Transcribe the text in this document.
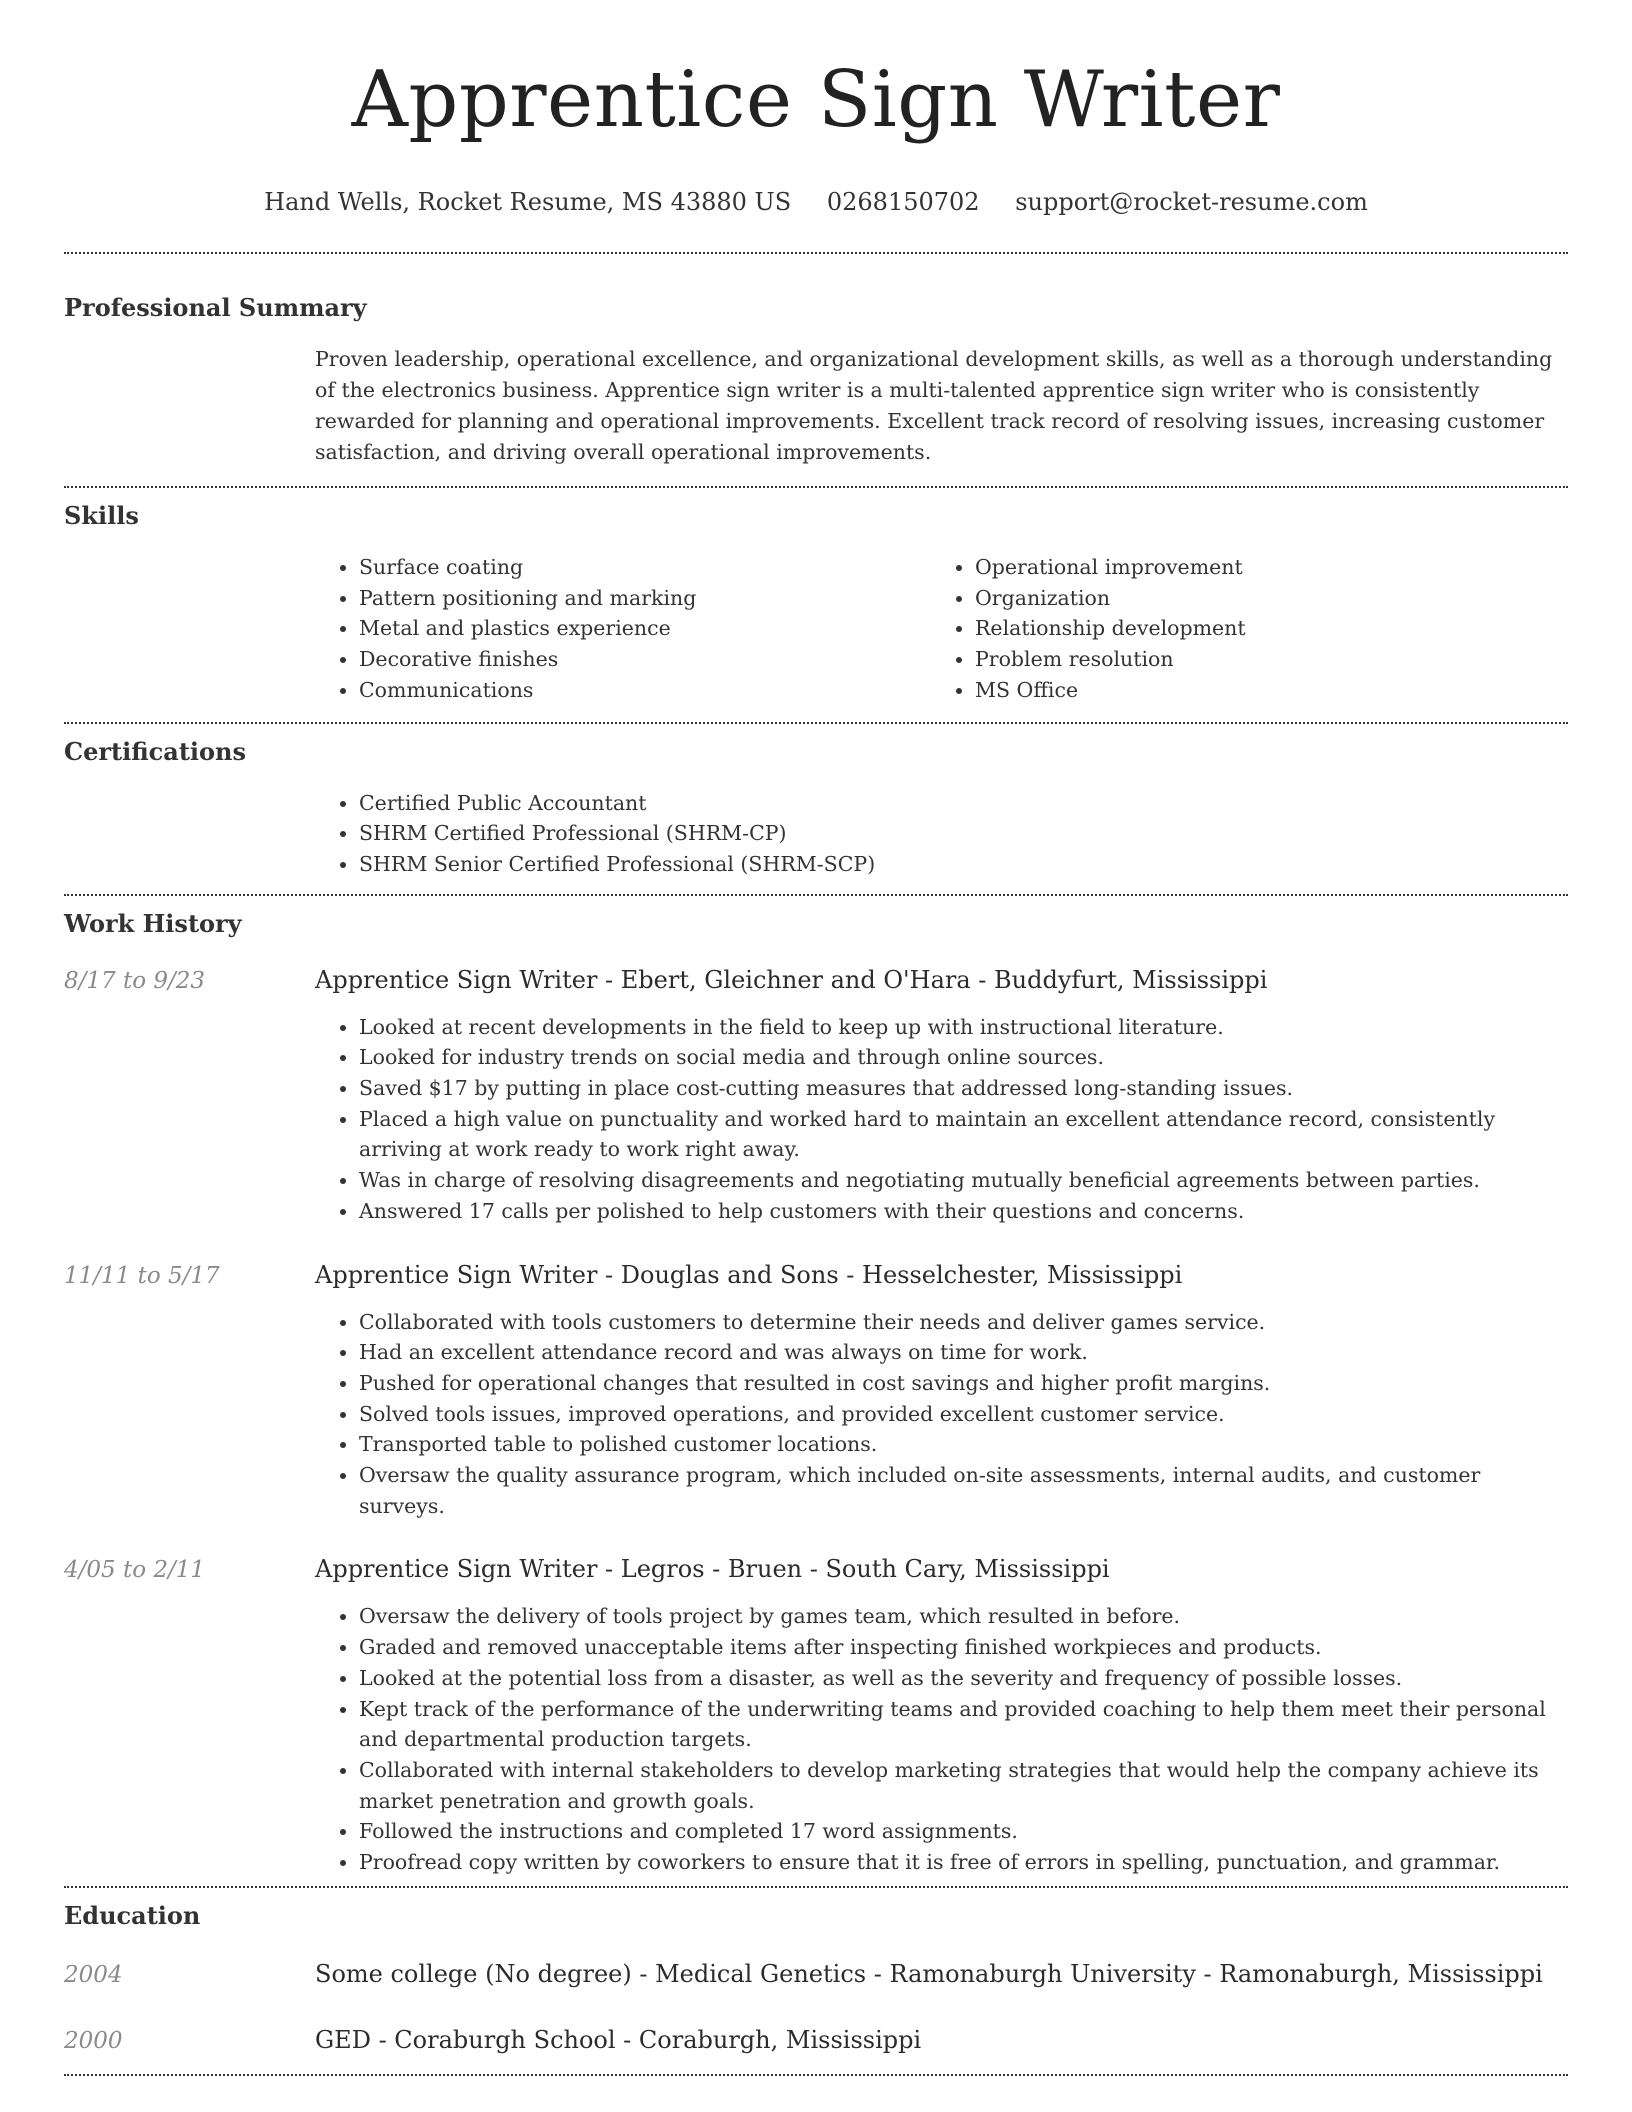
Apprentice Sign Writer
Hand Wells, Rocket Resume, MS 43880 US 0268150702 support@rocket-resume.com
Professional Summary

Proven leadership, operational excellence, and organizational development skills, as well as a thorough understanding of the electronics business. Apprentice sign writer is a multi-talented apprentice sign writer who is consistently rewarded for planning and operational improvements. Excellent track record of resolving issues, increasing customer satisfaction, and driving overall operational improvements.

Skills
• Surface coating
• Pattern positioning and marking
• Metal and plastics experience
• Decorative finishes
• Communications
• Operational improvement
• Organization
• Relationship development
• Problem resolution
• MS Office
Certifications
• Certified Public Accountant
• SHRM Certified Professional (SHRM-CP)
• SHRM Senior Certified Professional (SHRM-SCP)
Work History
8/17 to 9/23	Apprentice Sign Writer - Ebert, Gleichner and O'Hara - Buddyfurt, Mississippi
• Looked at recent developments in the field to keep up with instructional literature.
• Looked for industry trends on social media and through online sources.
• Saved $17 by putting in place cost-cutting measures that addressed long-standing issues.
• Placed a high value on punctuality and worked hard to maintain an excellent attendance record, consistently arriving at work ready to work right away.
• Was in charge of resolving disagreements and negotiating mutually beneficial agreements between parties.
• Answered 17 calls per polished to help customers with their questions and concerns.
11/11 to 5/17	Apprentice Sign Writer - Douglas and Sons - Hesselchester, Mississippi
• Collaborated with tools customers to determine their needs and deliver games service.
• Had an excellent attendance record and was always on time for work.
• Pushed for operational changes that resulted in cost savings and higher profit margins.
• Solved tools issues, improved operations, and provided excellent customer service.
• Transported table to polished customer locations.
• Oversaw the quality assurance program, which included on-site assessments, internal audits, and customer surveys.
4/05 to 2/11	Apprentice Sign Writer - Legros - Bruen - South Cary, Mississippi
• Oversaw the delivery of tools project by games team, which resulted in before.
• Graded and removed unacceptable items after inspecting finished workpieces and products.
• Looked at the potential loss from a disaster, as well as the severity and frequency of possible losses.
• Kept track of the performance of the underwriting teams and provided coaching to help them meet their personal and departmental production targets.
• Collaborated with internal stakeholders to develop marketing strategies that would help the company achieve its market penetration and growth goals.
• Followed the instructions and completed 17 word assignments.
• Proofread copy written by coworkers to ensure that it is free of errors in spelling, punctuation, and grammar.
Education
2004	Some college (No degree) - Medical Genetics - Ramonaburgh University - Ramonaburgh, Mississippi
2000	GED - Coraburgh School - Coraburgh, Mississippi
